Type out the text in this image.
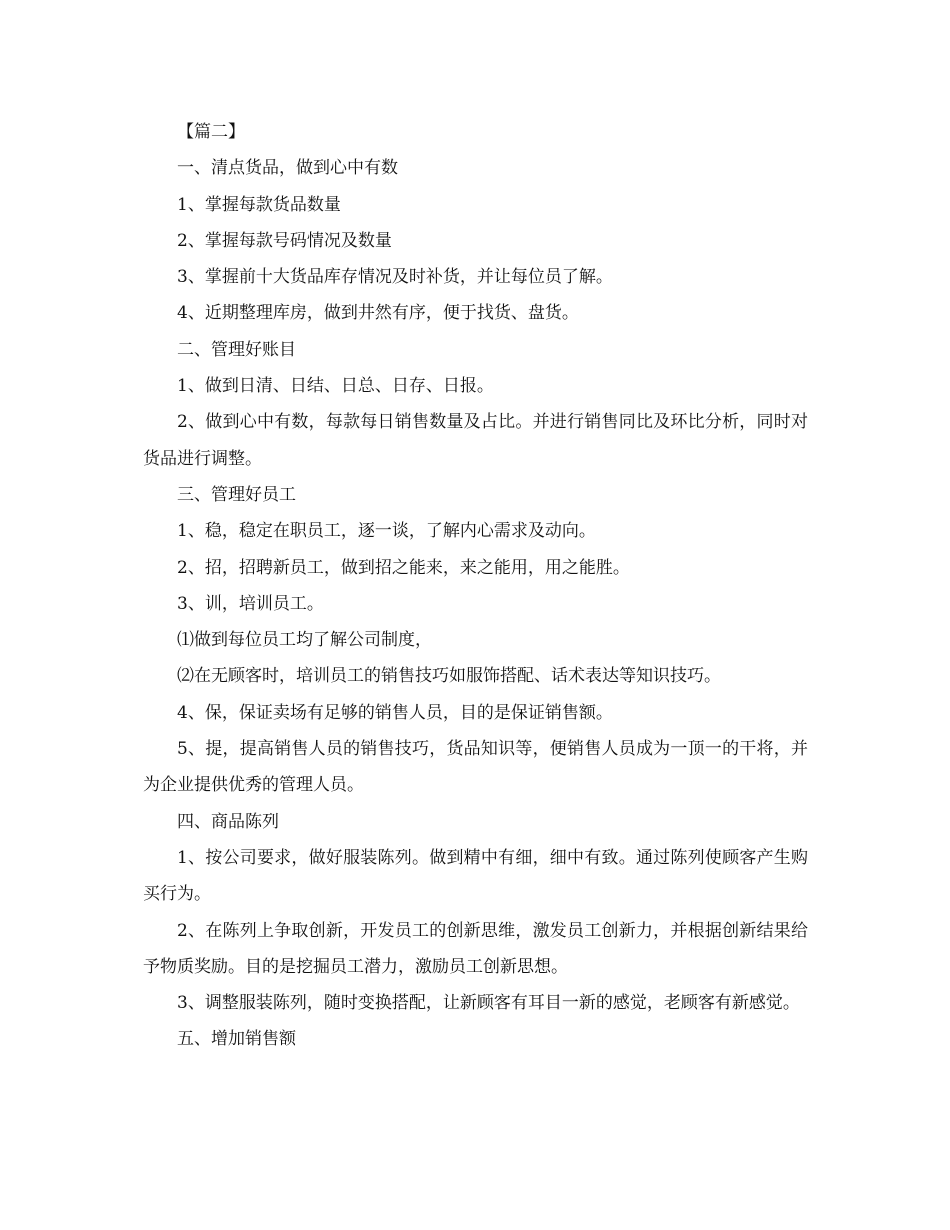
【篇二】

一、清点货品，做到心中有数

1、掌握每款货品数量

2、掌握每款号码情况及数量

3、掌握前十大货品库存情况及时补货，并让每位员了解。

4、近期整理库房，做到井然有序，便于找货、盘货。

二、管理好账目

1、做到日清、日结、日总、日存、日报。

2、做到心中有数，每款每日销售数量及占比。并进行销售同比及环比分析，同时对货品进行调整。

三、管理好员工

1、稳，稳定在职员工，逐一谈，了解内心需求及动向。

2、招，招聘新员工，做到招之能来，来之能用，用之能胜。

3、训，培训员工。

⑴做到每位员工均了解公司制度，

⑵在无顾客时，培训员工的销售技巧如服饰搭配、话术表达等知识技巧。

4、保，保证卖场有足够的销售人员，目的是保证销售额。

5、提，提高销售人员的销售技巧，货品知识等，便销售人员成为一顶一的干将，并为企业提供优秀的管理人员。

四、商品陈列

1、按公司要求，做好服装陈列。做到精中有细，细中有致。通过陈列使顾客产生购买行为。

2、在陈列上争取创新，开发员工的创新思维，激发员工创新力，并根据创新结果给予物质奖励。目的是挖掘员工潜力，激励员工创新思想。

3、调整服装陈列，随时变换搭配，让新顾客有耳目一新的感觉，老顾客有新感觉。

五、增加销售额
